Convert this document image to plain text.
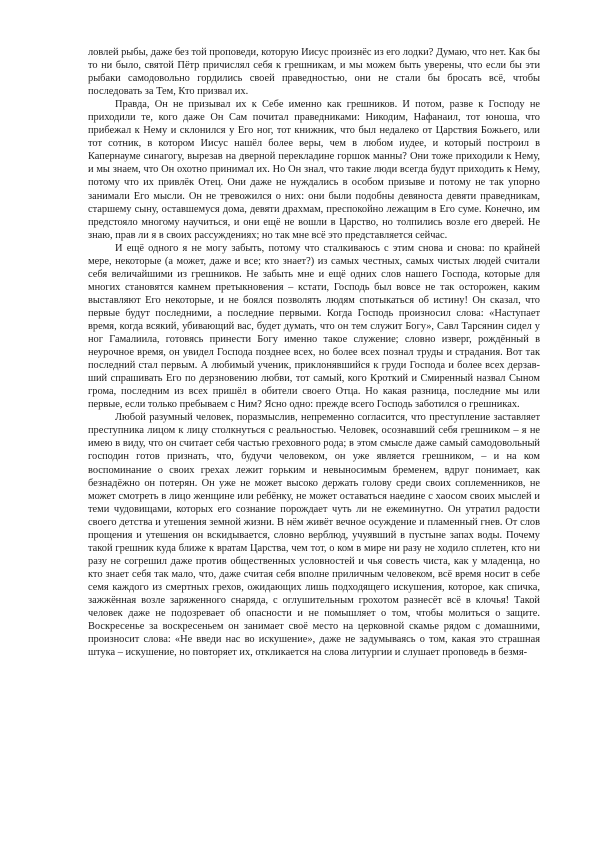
ловлей рыбы, даже без той проповеди, которую Иисус произнёс из его лодки? Думаю, что нет. Как бы то ни было, святой Пётр причислял себя к грешникам, и мы можем быть уверены, что если бы эти рыбаки самодовольно гордились своей праведностью, они не стали бы бросать всё, чтобы последовать за Тем, Кто призвал их.

Правда, Он не призывал их к Себе именно как грешников. И потом, разве к Господу не приходили те, кого даже Он Сам почитал праведниками: Никодим, Нафанаил, тот юноша, что прибежал к Нему и склонился у Его ног, тот книжник, что был недалеко от Царствия Божьего, или тот сотник, в котором Иисус нашёл более веры, чем в любом иудее, и который построил в Капернауме синагогу, вырезав на дверной перекладине горшок манны? Они тоже приходили к Нему, и мы знаем, что Он охотно принимал их. Но Он знал, что такие люди всегда будут приходить к Нему, потому что их привлёк Отец. Они даже не нуждались в особом призыве и потому не так упорно занимали Его мысли. Он не тревожился о них: они были подобны девяноста девяти праведникам, старшему сыну, оставшемуся дома, девяти драхмам, преспокойно лежащим в Его суме. Конечно, им предстояло многому научиться, и они ещё не вошли в Царство, но толпились возле его дверей. Не знаю, прав ли я в своих рассуждениях; но так мне всё это представляется сейчас.

И ещё одного я не могу забыть, потому что сталкиваюсь с этим снова и снова: по крайней мере, некоторые (а может, даже и все; кто знает?) из самых честных, самых чистых людей считали себя величайшими из грешников. Не забыть мне и ещё одних слов нашего Господа, которые для многих становятся камнем претыкновения – кстати, Господь был вовсе не так осторожен, каким выставляют Его некоторые, и не боялся позволять людям спотыкаться об истину! Он сказал, что первые будут последними, а последние первыми. Когда Господь произносил слова: «Наступает время, когда всякий, убивающий вас, будет думать, что он тем служит Богу», Савл Тарсянин сидел у ног Гамалиила, готовясь принести Богу именно такое служение; словно изверг, рождённый в неурочное время, он увидел Господа позднее всех, но более всех познал труды и страдания. Вот так последний стал первым. А любимый ученик, приклонявшийся к груди Господа и более всех дерзавший спрашивать Его по дерзновению любви, тот самый, кого Кроткий и Смиренный назвал Сыном грома, последним из всех пришёл в обители своего Отца. Но какая разница, последние мы или первые, если только пребываем с Ним? Ясно одно: прежде всего Господь заботился о грешниках.

Любой разумный человек, поразмыслив, непременно согласится, что преступление заставляет преступника лицом к лицу столкнуться с реальностью. Человек, осознавший себя грешником – я не имею в виду, что он считает себя частью греховного рода; в этом смысле даже самый самодовольный господин готов признать, что, будучи человеком, он уже является грешником, – и на ком воспоминание о своих грехах лежит горьким и невыносимым бременем, вдруг понимает, как безнадёжно он потерян. Он уже не может высоко держать голову среди своих соплеменников, не может смотреть в лицо женщине или ребёнку, не может оставаться наедине с хаосом своих мыслей и теми чудовищами, которых его сознание порождает чуть ли не ежеминутно. Он утратил радости своего детства и утешения земной жизни. В нём живёт вечное осуждение и пламенный гнев. От слов прощения и утешения он вскидывается, словно верблюд, учуявший в пустыне запах воды. Почему такой грешник куда ближе к вратам Царства, чем тот, о ком в мире ни разу не ходило сплетен, кто ни разу не согрешил даже против общественных условностей и чья совесть чиста, как у младенца, но кто знает себя так мало, что, даже считая себя вполне приличным человеком, всё время носит в себе семя каждого из смертных грехов, ожидающих лишь подходящего искушения, которое, как спичка, зажжённая возле заряженного снаряда, с оглушительным грохотом разнесёт всё в клочья! Такой человек даже не подозревает об опасности и не помышляет о том, чтобы молиться о защите. Воскресенье за воскресеньем он занимает своё место на церковной скамье рядом с домашними, произносит слова: «Не введи нас во искушение», даже не задумываясь о том, какая это страшная штука – искушение, но повторяет их, откликается на слова литургии и слушает проповедь в безмя-
